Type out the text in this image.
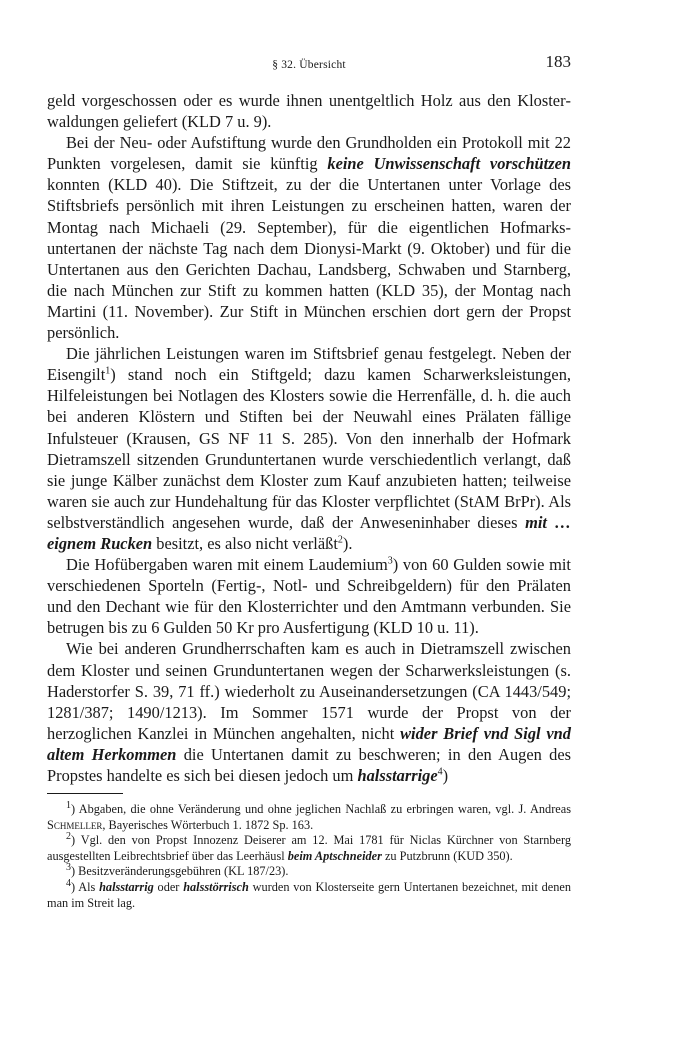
§ 32. Übersicht	183

geld vorgeschossen oder es wurde ihnen unentgeltlich Holz aus den Klosterwaldungen geliefert (KLD 7 u. 9).

Bei der Neu- oder Aufstiftung wurde den Grundholden ein Protokoll mit 22 Punkten vorgelesen, damit sie künftig keine Unwissenschaft vorschützen konnten (KLD 40). Die Stiftzeit, zu der die Untertanen unter Vorlage des Stiftsbriefs persönlich mit ihren Leistungen zu erscheinen hatten, waren der Montag nach Michaeli (29. September), für die eigentlichen Hofmarksuntertanen der nächste Tag nach dem Dionysi-Markt (9. Oktober) und für die Untertanen aus den Gerichten Dachau, Landsberg, Schwaben und Starnberg, die nach München zur Stift zu kommen hatten (KLD 35), der Montag nach Martini (11. November). Zur Stift in München erschien dort gern der Propst persönlich.

Die jährlichen Leistungen waren im Stiftsbrief genau festgelegt. Neben der Eisengilt$^1$) stand noch ein Stiftgeld; dazu kamen Scharwerksleistungen, Hilfeleistungen bei Notlagen des Klosters sowie die Herrenfälle, d. h. die auch bei anderen Klöstern und Stiften bei der Neuwahl eines Prälaten fällige Infulsteuer (Krausen, GS NF 11 S. 285). Von den innerhalb der Hofmark Dietramszell sitzenden Grunduntertanen wurde verschiedentlich verlangt, daß sie junge Kälber zunächst dem Kloster zum Kauf anzubieten hatten; teilweise waren sie auch zur Hundehaltung für das Kloster verpflichtet (StAM BrPr). Als selbstverständlich angesehen wurde, daß der Anweseninhaber dieses mit … eignem Rucken besitzt, es also nicht verläßt$^2$).

Die Hofübergaben waren mit einem Laudemium$^3$) von 60 Gulden sowie mit verschiedenen Sporteln (Fertig-, Notl- und Schreibgeldern) für den Prälaten und den Dechant wie für den Klosterrichter und den Amtmann verbunden. Sie betrugen bis zu 6 Gulden 50 Kr pro Ausfertigung (KLD 10 u. 11).

Wie bei anderen Grundherrschaften kam es auch in Dietramszell zwischen dem Kloster und seinen Grunduntertanen wegen der Scharwerksleistungen (s. Haderstorfer S. 39, 71 ff.) wiederholt zu Auseinandersetzungen (CA 1443/549; 1281/387; 1490/1213). Im Sommer 1571 wurde der Propst von der herzoglichen Kanzlei in München angehalten, nicht wider Brief vnd Sigl vnd altem Herkommen die Untertanen damit zu beschweren; in den Augen des Propstes handelte es sich bei diesen jedoch um halsstarrige$^4$)

$^1$) Abgaben, die ohne Veränderung und ohne jeglichen Nachlaß zu erbringen waren, vgl. J. Andreas Schmeller, Bayerisches Wörterbuch 1. 1872 Sp. 163.

$^2$) Vgl. den von Propst Innozenz Deiserer am 12. Mai 1781 für Niclas Kürchner von Starnberg ausgestellten Leibrechtsbrief über das Leerhäusl beim Aptschneider zu Putzbrunn (KUD 350).

$^3$) Besitzveränderungsgebühren (KL 187/23).

$^4$) Als halsstarrig oder halsstörrisch wurden von Klosterseite gern Untertanen bezeichnet, mit denen man im Streit lag.
